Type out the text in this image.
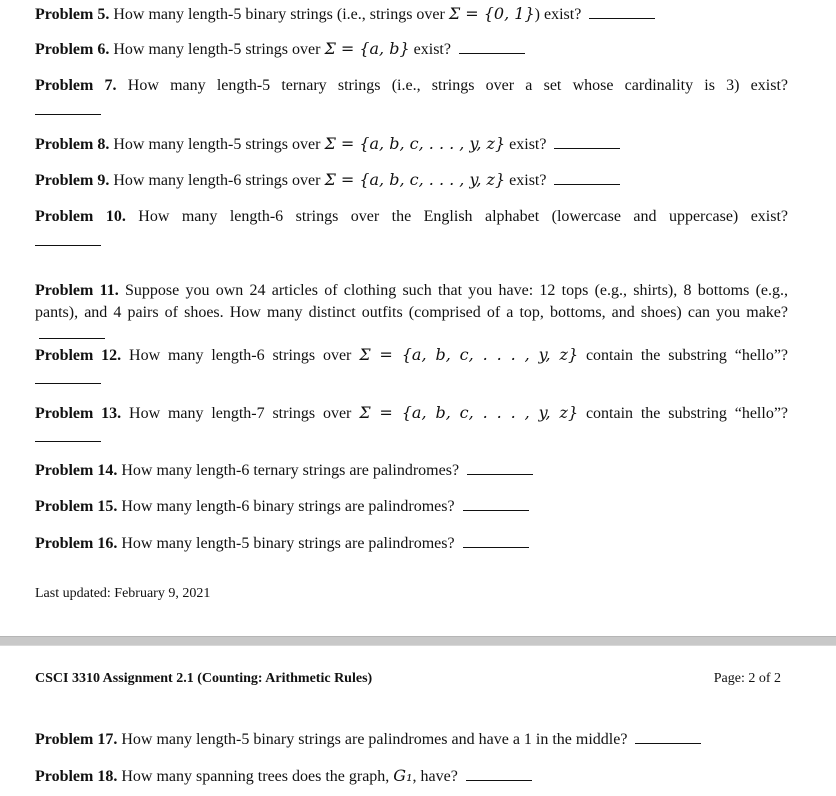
Problem 5. How many length-5 binary strings (i.e., strings over Σ = {0, 1}) exist?

Problem 6. How many length-5 strings over Σ = {a, b} exist?

Problem 7. How many length-5 ternary strings (i.e., strings over a set whose cardinality is 3) exist?

Problem 8. How many length-5 strings over Σ = {a, b, c, . . . , y, z} exist?

Problem 9. How many length-6 strings over Σ = {a, b, c, . . . , y, z} exist?

Problem 10. How many length-6 strings over the English alphabet (lowercase and uppercase) exist?

Problem 11. Suppose you own 24 articles of clothing such that you have: 12 tops (e.g., shirts), 8 bottoms (e.g., pants), and 4 pairs of shoes. How many distinct outfits (comprised of a top, bottoms, and shoes) can you make?

Problem 12. How many length-6 strings over Σ = {a, b, c, . . . , y, z} contain the substring “hello”?

Problem 13. How many length-7 strings over Σ = {a, b, c, . . . , y, z} contain the substring “hello”?

Problem 14. How many length-6 ternary strings are palindromes?

Problem 15. How many length-6 binary strings are palindromes?

Problem 16. How many length-5 binary strings are palindromes?

Last updated: February 9, 2021
CSCI 3310 Assignment 2.1 (Counting: Arithmetic Rules)	Page: 2 of 2

Problem 17. How many length-5 binary strings are palindromes and have a 1 in the middle?

Problem 18. How many spanning trees does the graph, G₁, have?
